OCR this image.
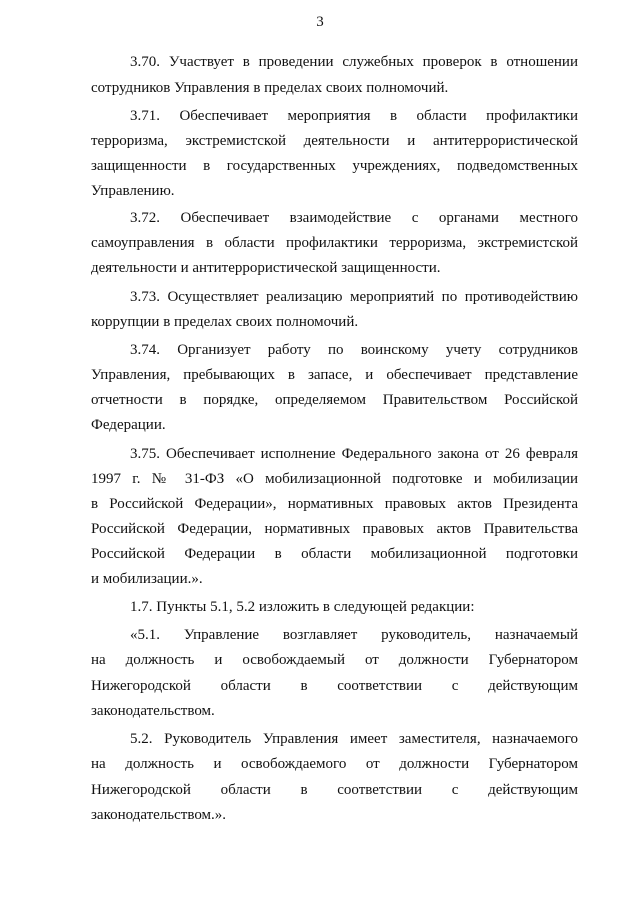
3
3.70. Участвует в проведении служебных проверок в отношении
сотрудников Управления в пределах своих полномочий.
3.71. Обеспечивает мероприятия в области профилактики
терроризма, экстремистской деятельности и антитеррористической
защищенности в государственных учреждениях, подведомственных
Управлению.
3.72. Обеспечивает взаимодействие с органами местного
самоуправления в области профилактики терроризма, экстремистской
деятельности и антитеррористической защищенности.
3.73. Осуществляет реализацию мероприятий по противодействию
коррупции в пределах своих полномочий.
3.74. Организует работу по воинскому учету сотрудников
Управления, пребывающих в запасе, и обеспечивает представление
отчетности в порядке, определяемом Правительством Российской
Федерации.
3.75. Обеспечивает исполнение Федерального закона от 26 февраля
1997 г. № 31-ФЗ «О мобилизационной подготовке и мобилизации
в Российской Федерации», нормативных правовых актов Президента
Российской Федерации, нормативных правовых актов Правительства
Российской Федерации в области мобилизационной подготовки
и мобилизации.».
1.7. Пункты 5.1, 5.2 изложить в следующей редакции:
«5.1. Управление возглавляет руководитель, назначаемый
на должность и освобождаемый от должности Губернатором
Нижегородской области в соответствии с действующим
законодательством.
5.2. Руководитель Управления имеет заместителя, назначаемого
на должность и освобождаемого от должности Губернатором
Нижегородской области в соответствии с действующим
законодательством.».
